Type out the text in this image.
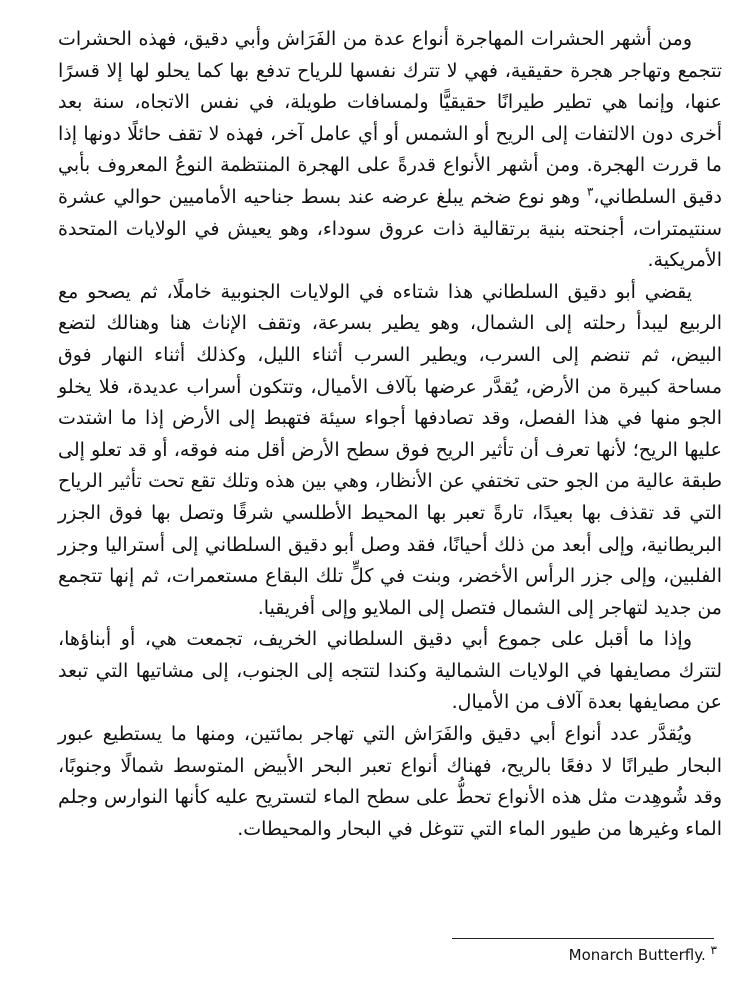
ومن أشهر الحشرات المهاجرة أنواع عدة من الفَرَاش وأبي دقيق، فهذه الحشرات تتجمع وتهاجر هجرة حقيقية، فهي لا تترك نفسها للرياح تدفع بها كما يحلو لها إلا قسرًا عنها، وإنما هي تطير طيرانًا حقيقيًّا ولمسافات طويلة، في نفس الاتجاه، سنة بعد أخرى دون الالتفات إلى الريح أو الشمس أو أي عامل آخر، فهذه لا تقف حائلًا دونها إذا ما قررت الهجرة. ومن أشهر الأنواع قدرةً على الهجرة المنتظمة النوعُ المعروف بأبي دقيق السلطاني،$^٣$ وهو نوع ضخم يبلغ عرضه عند بسط جناحيه الأماميين حوالي عشرة سنتيمترات، أجنحته بنية برتقالية ذات عروق سوداء، وهو يعيش في الولايات المتحدة الأمريكية.

يقضي أبو دقيق السلطاني هذا شتاءه في الولايات الجنوبية خاملًا، ثم يصحو مع الربيع ليبدأ رحلته إلى الشمال، وهو يطير بسرعة، وتقف الإناث هنا وهنالك لتضع البيض، ثم تنضم إلى السرب، ويطير السرب أثناء الليل، وكذلك أثناء النهار فوق مساحة كبيرة من الأرض، يُقدَّر عرضها بآلاف الأميال، وتتكون أسراب عديدة، فلا يخلو الجو منها في هذا الفصل، وقد تصادفها أجواء سيئة فتهبط إلى الأرض إذا ما اشتدت عليها الريح؛ لأنها تعرف أن تأثير الريح فوق سطح الأرض أقل منه فوقه، أو قد تعلو إلى طبقة عالية من الجو حتى تختفي عن الأنظار، وهي بين هذه وتلك تقع تحت تأثير الرياح التي قد تقذف بها بعيدًا، تارةً تعبر بها المحيط الأطلسي شرقًا وتصل بها فوق الجزر البريطانية، وإلى أبعد من ذلك أحيانًا، فقد وصل أبو دقيق السلطاني إلى أستراليا وجزر الفلبين، وإلى جزر الرأس الأخضر، وبنت في كلٍّ تلك البقاع مستعمرات، ثم إنها تتجمع من جديد لتهاجر إلى الشمال فتصل إلى الملايو وإلى أفريقيا.

وإذا ما أقبل على جموع أبي دقيق السلطاني الخريف، تجمعت هي، أو أبناؤها، لتترك مصايفها في الولايات الشمالية وكندا لتتجه إلى الجنوب، إلى مشاتيها التي تبعد عن مصايفها بعدة آلاف من الأميال.

ويُقدَّر عدد أنواع أبي دقيق والفَرَاش التي تهاجر بمائتين، ومنها ما يستطيع عبور البحار طيرانًا لا دفعًا بالريح، فهناك أنواع تعبر البحر الأبيض المتوسط شمالًا وجنوبًا، وقد شُوهِدت مثل هذه الأنواع تحطُّ على سطح الماء لتستريح عليه كأنها النوارس وجلم الماء وغيرها من طيور الماء التي تتوغل في البحار والمحيطات.

$^٣$ Monarch Butterfly.
